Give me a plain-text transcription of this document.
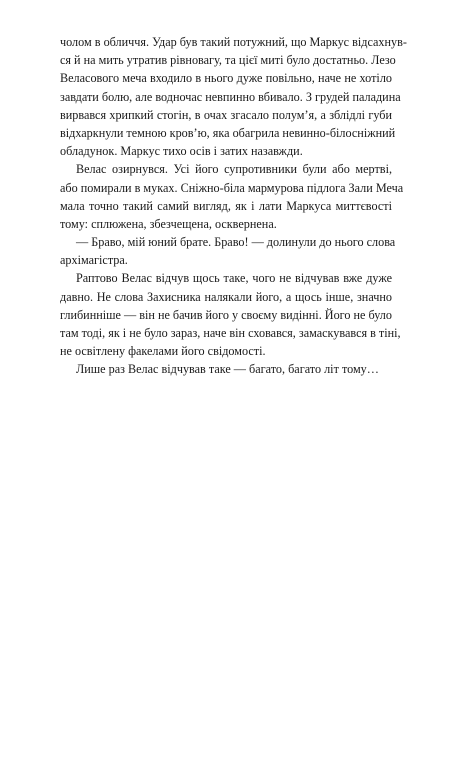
чолом в обличчя. Удар був такий потужний, що Маркус відсахнув-
ся й на мить утратив рівновагу, та цієї миті було достатньо. Лезо
Веласового меча входило в нього дуже повільно, наче не хотіло
завдати болю, але водночас невпинно вбивало. З грудей паладина
вирвався хрипкий стогін, в очах згасало полум’я, а зблідлі губи
відхаркнули темною кров’ю, яка обагрила невинно-білосніжний
обладунок. Маркус тихо осів і затих назавжди.
Велас озирнувся. Усі його супротивники були або мертві,
або помирали в муках. Сніжно-біла мармурова підлога Зали Меча
мала точно такий самий вигляд, як і лати Маркуса миттєвості
тому: сплюжена, збезчещена, осквернена.
— Браво, мій юний брате. Браво! — долинули до нього слова
архімагістра.
Раптово Велас відчув щось таке, чого не відчував вже дуже
давно. Не слова Захисника налякали його, а щось інше, значно
глибинніше — він не бачив його у своєму видінні. Його не було
там тоді, як і не було зараз, наче він сховався, замаскувався в тіні,
не освітлену факелами його свідомості.
Лише раз Велас відчував таке — багато, багато літ тому…
